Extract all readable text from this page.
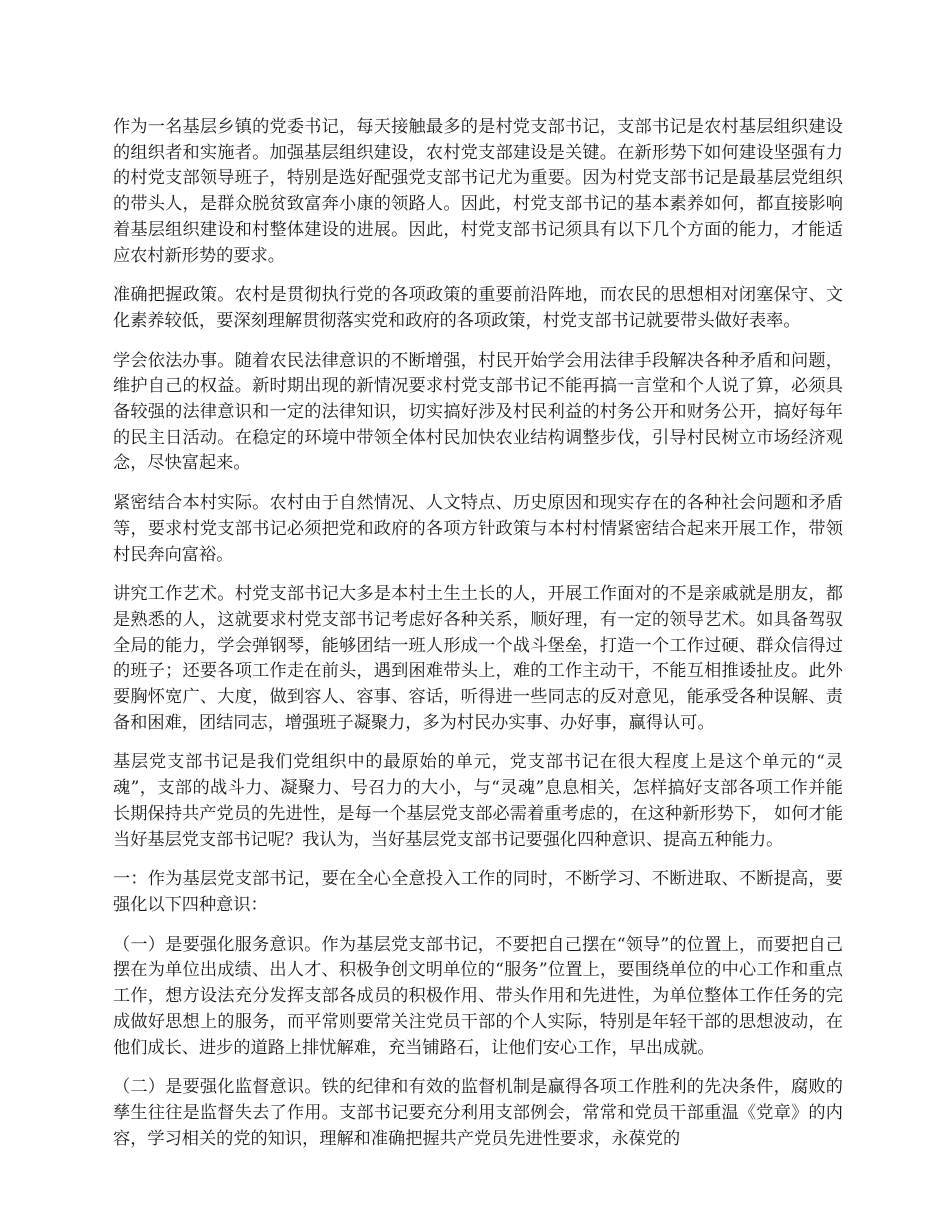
作为一名基层乡镇的党委书记，每天接触最多的是村党支部书记，支部书记是农村基层组织建设的组织者和实施者。加强基层组织建设，农村党支部建设是关键。在新形势下如何建设坚强有力的村党支部领导班子，特别是选好配强党支部书记尤为重要。因为村党支部书记是最基层党组织的带头人，是群众脱贫致富奔小康的领路人。因此，村党支部书记的基本素养如何，都直接影响着基层组织建设和村整体建设的进展。因此，村党支部书记须具有以下几个方面的能力，才能适应农村新形势的要求。

准确把握政策。农村是贯彻执行党的各项政策的重要前沿阵地，而农民的思想相对闭塞保守、文化素养较低，要深刻理解贯彻落实党和政府的各项政策，村党支部书记就要带头做好表率。

学会依法办事。随着农民法律意识的不断增强，村民开始学会用法律手段解决各种矛盾和问题，维护自己的权益。新时期出现的新情况要求村党支部书记不能再搞一言堂和个人说了算，必须具备较强的法律意识和一定的法律知识，切实搞好涉及村民利益的村务公开和财务公开，搞好每年的民主日活动。在稳定的环境中带领全体村民加快农业结构调整步伐，引导村民树立市场经济观念，尽快富起来。

紧密结合本村实际。农村由于自然情况、人文特点、历史原因和现实存在的各种社会问题和矛盾等，要求村党支部书记必须把党和政府的各项方针政策与本村村情紧密结合起来开展工作，带领村民奔向富裕。

讲究工作艺术。村党支部书记大多是本村土生土长的人，开展工作面对的不是亲戚就是朋友，都是熟悉的人，这就要求村党支部书记考虑好各种关系，顺好理，有一定的领导艺术。如具备驾驭全局的能力，学会弹钢琴，能够团结一班人形成一个战斗堡垒，打造一个工作过硬、群众信得过的班子；还要各项工作走在前头，遇到困难带头上，难的工作主动干，不能互相推诿扯皮。此外要胸怀宽广、大度，做到容人、容事、容话，听得进一些同志的反对意见，能承受各种误解、责备和困难，团结同志，增强班子凝聚力，多为村民办实事、办好事，赢得认可。

基层党支部书记是我们党组织中的最原始的单元，党支部书记在很大程度上是这个单元的“灵魂”，支部的战斗力、凝聚力、号召力的大小，与“灵魂”息息相关，怎样搞好支部各项工作并能长期保持共产党员的先进性，是每一个基层党支部必需着重考虑的，在这种新形势下， 如何才能当好基层党支部书记呢？我认为，当好基层党支部书记要强化四种意识、提高五种能力。

一：作为基层党支部书记，要在全心全意投入工作的同时，不断学习、不断进取、不断提高，要强化以下四种意识：

（一）是要强化服务意识。作为基层党支部书记，不要把自己摆在“领导”的位置上，而要把自己摆在为单位出成绩、出人才、积极争创文明单位的“服务”位置上，要围绕单位的中心工作和重点工作，想方设法充分发挥支部各成员的积极作用、带头作用和先进性，为单位整体工作任务的完成做好思想上的服务，而平常则要常关注党员干部的个人实际，特别是年轻干部的思想波动，在他们成长、进步的道路上排忧解难，充当铺路石，让他们安心工作，早出成就。

（二）是要强化监督意识。铁的纪律和有效的监督机制是赢得各项工作胜利的先决条件，腐败的孳生往往是监督失去了作用。支部书记要充分利用支部例会，常常和党员干部重温《党章》的内容，学习相关的党的知识，理解和准确把握共产党员先进性要求，永葆党的
